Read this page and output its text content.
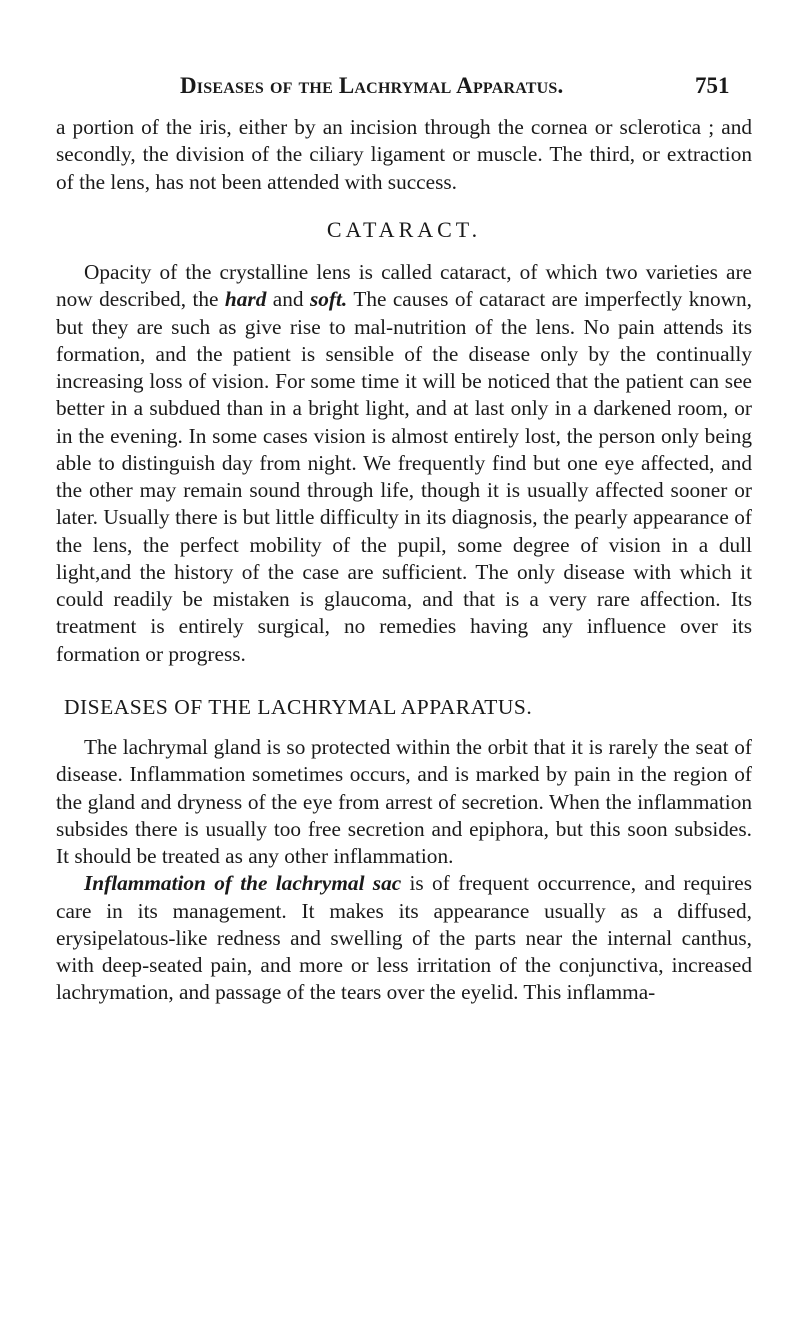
Diseases of the Lachrymal Apparatus.	751

a portion of the iris, either by an incision through the cornea or sclerotica ; and secondly, the division of the ciliary ligament or muscle. The third, or extraction of the lens, has not been attended with success.

CATARACT.

Opacity of the crystalline lens is called cataract, of which two varieties are now described, the hard and soft. The causes of cataract are imperfectly known, but they are such as give rise to mal-nutrition of the lens. No pain attends its formation, and the patient is sensible of the disease only by the continually increasing loss of vision. For some time it will be noticed that the patient can see better in a subdued than in a bright light, and at last only in a darkened room, or in the evening. In some cases vision is almost entirely lost, the person only being able to distinguish day from night. We frequently find but one eye affected, and the other may remain sound through life, though it is usually affected sooner or later. Usually there is but little difficulty in its diagnosis, the pearly appearance of the lens, the perfect mobility of the pupil, some degree of vision in a dull light,and the history of the case are sufficient. The only disease with which it could readily be mistaken is glaucoma, and that is a very rare affection. Its treatment is entirely surgical, no remedies having any influence over its formation or progress.

DISEASES OF THE LACHRYMAL APPARATUS.

The lachrymal gland is so protected within the orbit that it is rarely the seat of disease. Inflammation sometimes occurs, and is marked by pain in the region of the gland and dryness of the eye from arrest of secretion. When the inflammation subsides there is usually too free secretion and epiphora, but this soon subsides. It should be treated as any other inflammation.

Inflammation of the lachrymal sac is of frequent occurrence, and requires care in its management. It makes its appearance usually as a diffused, erysipelatous-like redness and swelling of the parts near the internal canthus, with deep-seated pain, and more or less irritation of the conjunctiva, increased lachrymation, and passage of the tears over the eyelid. This inflamma-
